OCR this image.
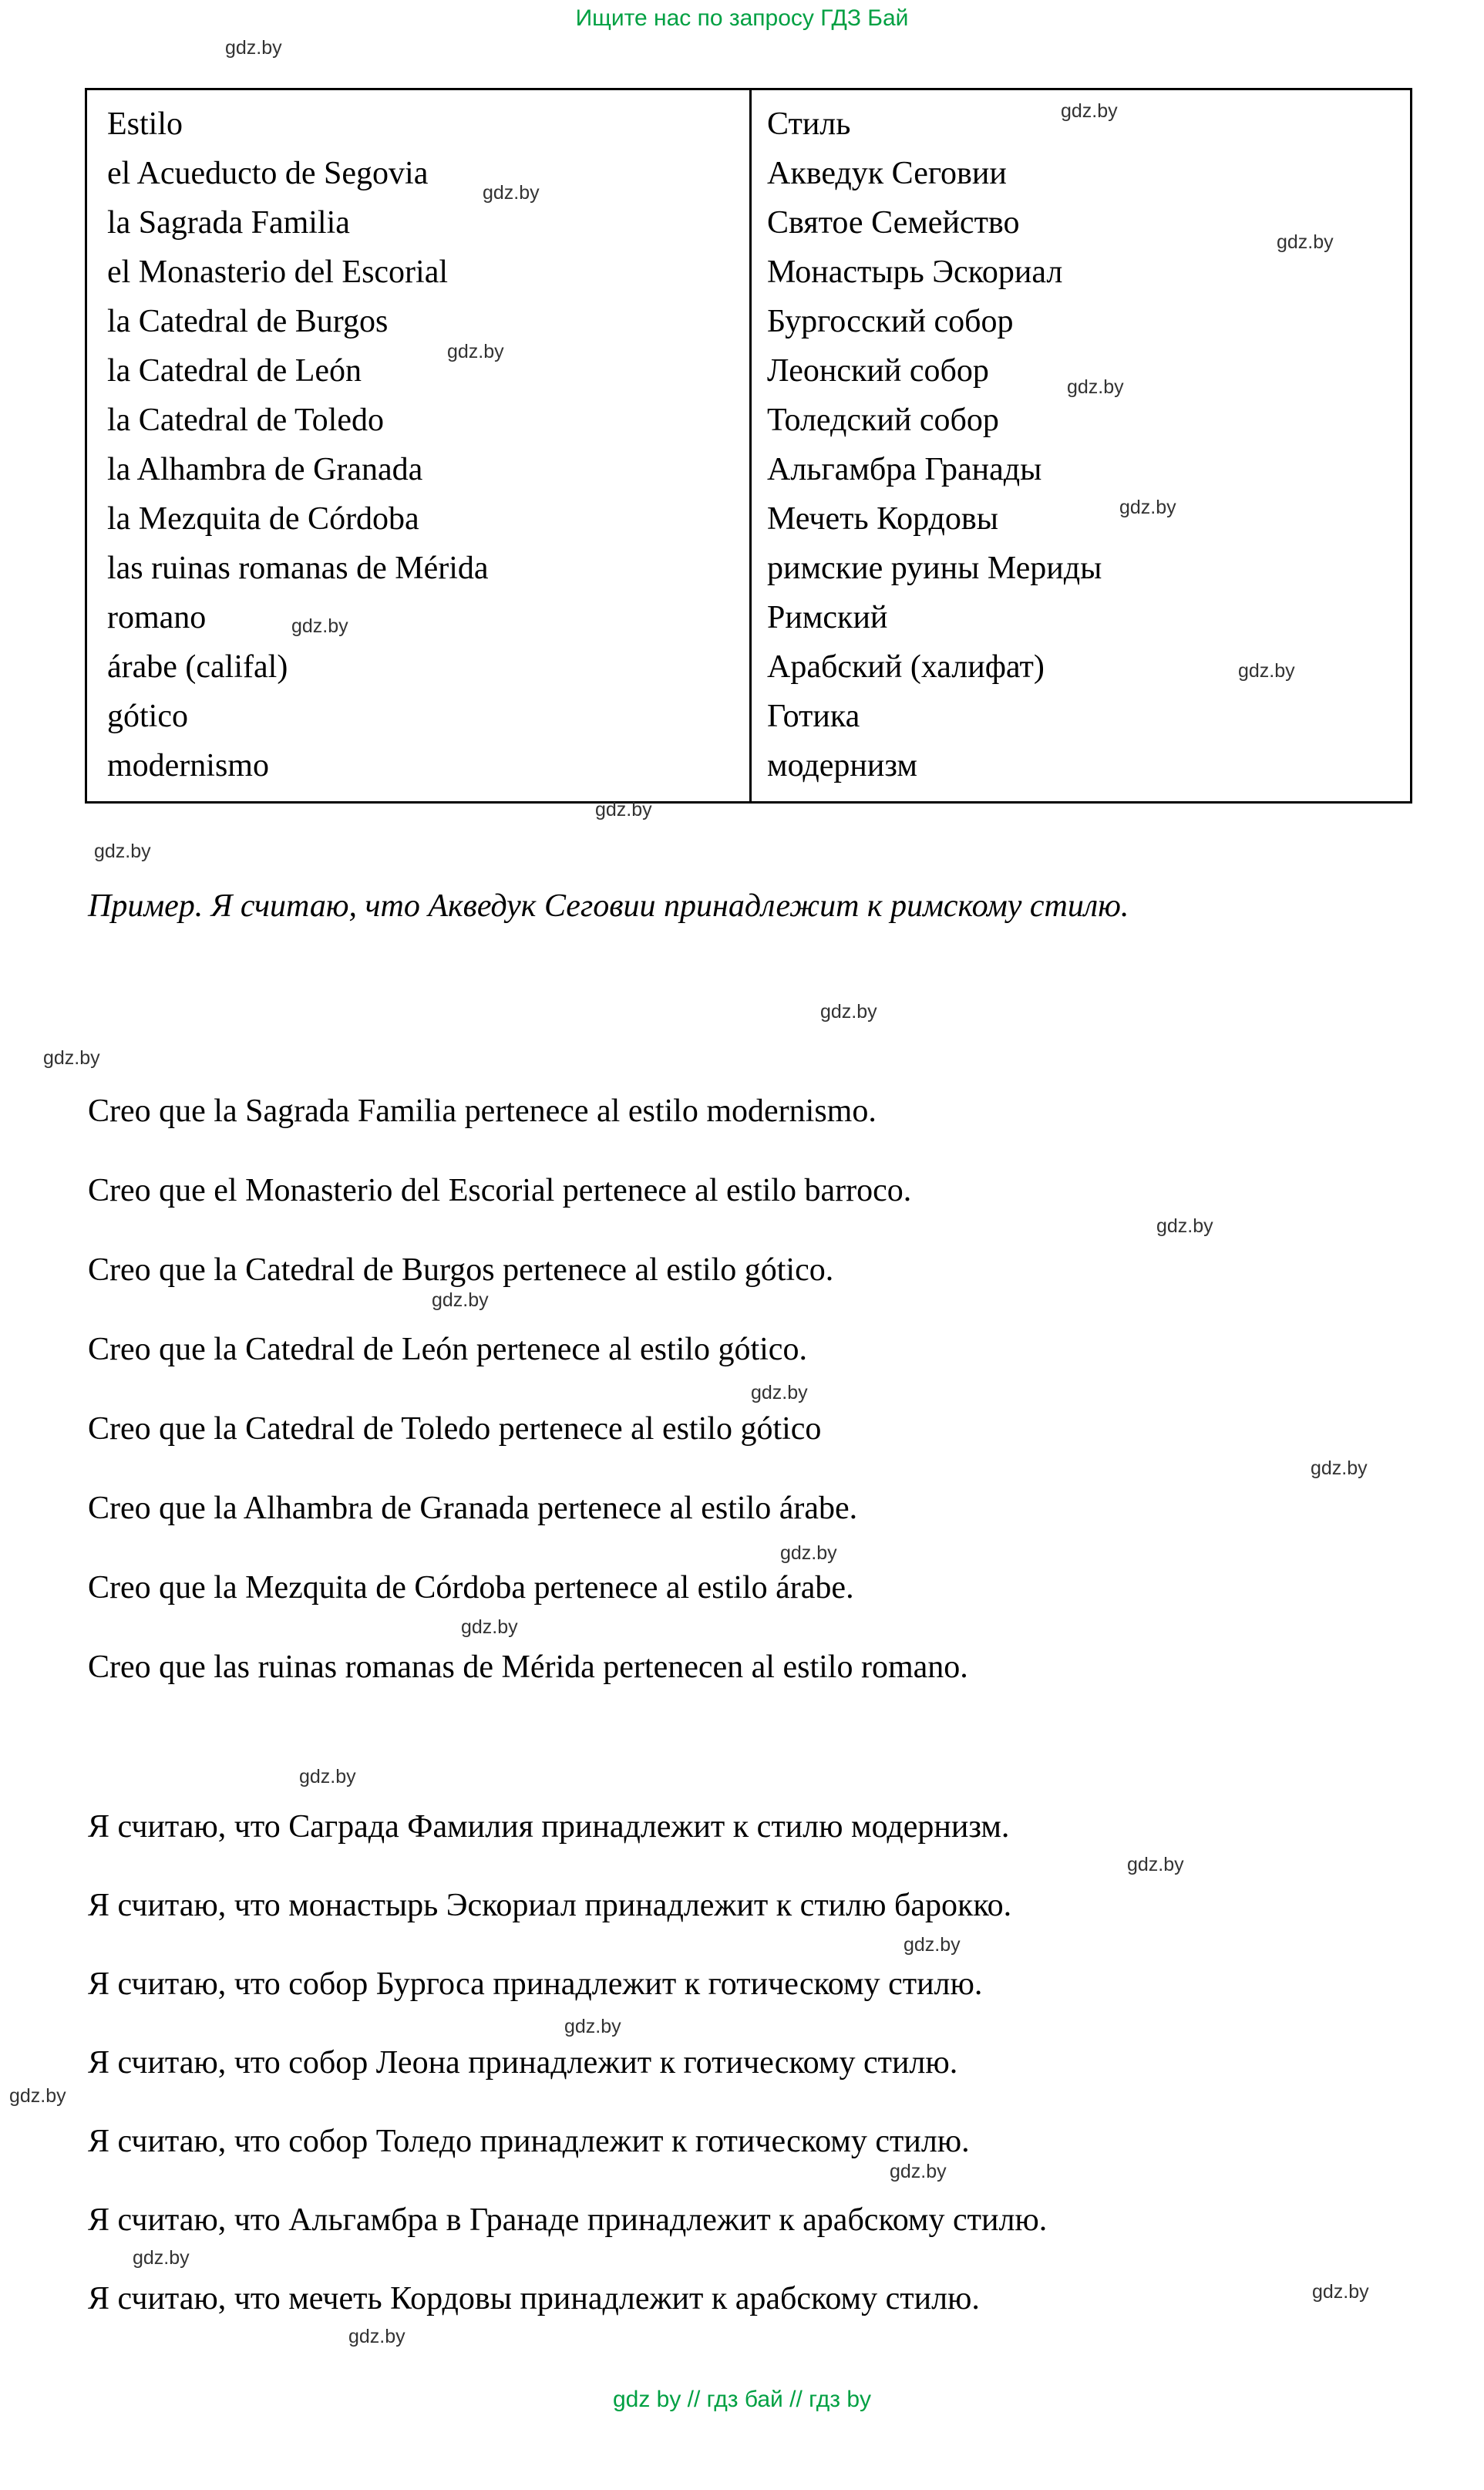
Ищите нас по запросу ГДЗ Бай
Estilo
el Acueducto de Segovia
la Sagrada Familia
el Monasterio del Escorial
la Catedral de Burgos
la Catedral de León
la Catedral de Toledo
la Alhambra de Granada
la Mezquita de Córdoba
las ruinas romanas de Mérida
romano
árabe (califal)
gótico
modernismo
Стиль
Акведук Сеговии
Святое Семейство
Монастырь Эскориал
Бургосский собор
Леонский собор
Толедский собор
Альгамбра Гранады
Мечеть Кордовы
римские руины Мериды
Римский
Арабский (халифат)
Готика
модернизм

Пример. Я считаю, что Акведук Сеговии принадлежит к римскому стилю.

Creo que la Sagrada Familia pertenece al estilo modernismo.

Creo que el Monasterio del Escorial pertenece al estilo barroco.

Creo que la Catedral de Burgos pertenece al estilo gótico.

Creo que la Catedral de León pertenece al estilo gótico.

Creo que la Catedral de Toledo pertenece al estilo gótico

Creo que la Alhambra de Granada pertenece al estilo árabe.

Creo que la Mezquita de Córdoba pertenece al estilo árabe.

Creo que las ruinas romanas de Mérida pertenecen al estilo romano.

Я считаю, что Саграда Фамилия принадлежит к стилю модернизм.

Я считаю, что монастырь Эскориал принадлежит к стилю барокко.

Я считаю, что собор Бургоса принадлежит к готическому стилю.

Я считаю, что собор Леона принадлежит к готическому стилю.

Я считаю, что собор Толедо принадлежит к готическому стилю.

Я считаю, что Альгамбра в Гранаде принадлежит к арабскому стилю.

Я считаю, что мечеть Кордовы принадлежит к арабскому стилю.

gdz by // гдз бай // гдз by
gdz.by
gdz.by
gdz.by
gdz.by
gdz.by
gdz.by
gdz.by
gdz.by
gdz.by
gdz.by
gdz.by
gdz.by
gdz.by
gdz.by
gdz.by
gdz.by
gdz.by
gdz.by
gdz.by
gdz.by
gdz.by
gdz.by
gdz.by
gdz.by
gdz.by
gdz.by
gdz.by
gdz.by
